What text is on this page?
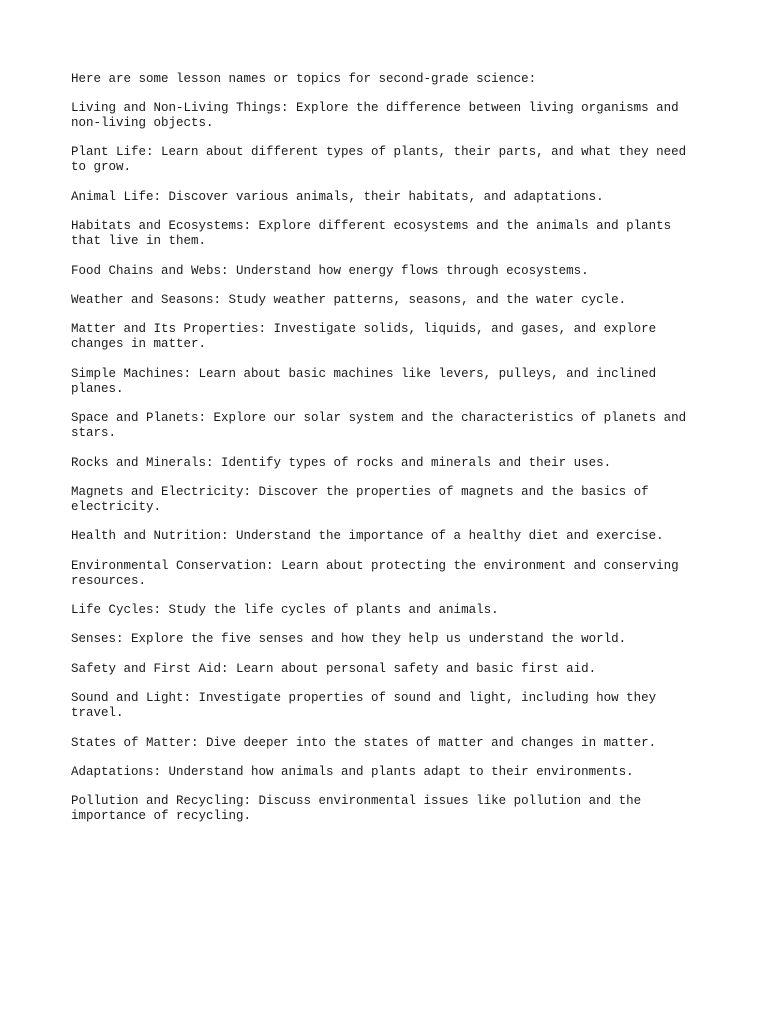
Here are some lesson names or topics for second-grade science:

Living and Non-Living Things: Explore the difference between living organisms and
non-living objects.

Plant Life: Learn about different types of plants, their parts, and what they need
to grow.

Animal Life: Discover various animals, their habitats, and adaptations.

Habitats and Ecosystems: Explore different ecosystems and the animals and plants
that live in them.

Food Chains and Webs: Understand how energy flows through ecosystems.

Weather and Seasons: Study weather patterns, seasons, and the water cycle.

Matter and Its Properties: Investigate solids, liquids, and gases, and explore
changes in matter.

Simple Machines: Learn about basic machines like levers, pulleys, and inclined
planes.

Space and Planets: Explore our solar system and the characteristics of planets and
stars.

Rocks and Minerals: Identify types of rocks and minerals and their uses.

Magnets and Electricity: Discover the properties of magnets and the basics of
electricity.

Health and Nutrition: Understand the importance of a healthy diet and exercise.

Environmental Conservation: Learn about protecting the environment and conserving
resources.

Life Cycles: Study the life cycles of plants and animals.

Senses: Explore the five senses and how they help us understand the world.

Safety and First Aid: Learn about personal safety and basic first aid.

Sound and Light: Investigate properties of sound and light, including how they
travel.

States of Matter: Dive deeper into the states of matter and changes in matter.

Adaptations: Understand how animals and plants adapt to their environments.

Pollution and Recycling: Discuss environmental issues like pollution and the
importance of recycling.
